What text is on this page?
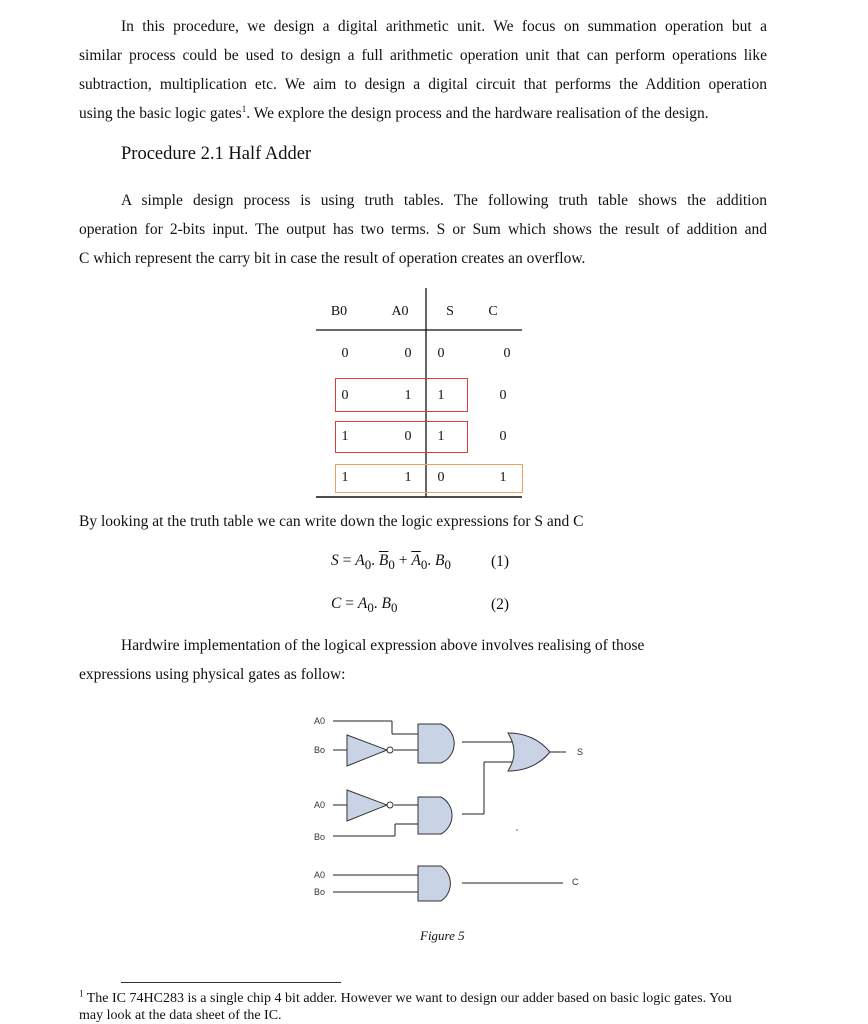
In this procedure, we design a digital arithmetic unit. We focus on summation operation but a
similar process could be used to design a full arithmetic operation unit that can perform operations like
subtraction, multiplication etc. We aim to design a digital circuit that performs the Addition operation
using the basic logic gates$^1$. We explore the design process and the hardware realisation of the design.
Procedure 2.1 Half Adder
A simple design process is using truth tables. The following truth table shows the addition
operation for 2-bits input. The output has two terms. S or Sum which shows the result of addition and
C which represent the carry bit in case the result of operation creates an overflow.
B0	A0	S	C
0	0	0	0
0	1	1	0
1	0	1	0
1	1	0	1
By looking at the truth table we can write down the logic expressions for S and C
$S = A_0$. $\overline{B}_0 + \overline{A}_0$. $B_0$	(1)
$C = A_0$. $B_0$	(2)
Hardwire implementation of the logical expression above involves realising of those
expressions using physical gates as follow:
A0
Bo
A0
Bo
A0
Bo
S
C
Figure 5
$^1$ The IC 74HC283 is a single chip 4 bit adder. However we want to design our adder based on basic logic gates. You may look at the data sheet of the IC.
